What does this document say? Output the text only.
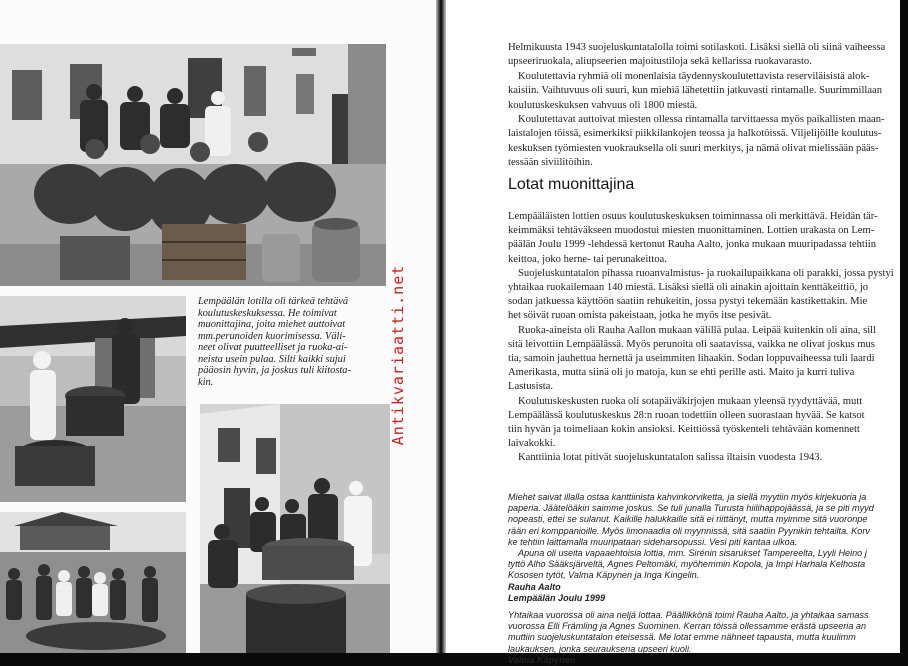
Lempäälän lotilla oli tärkeä tehtävä

koulutuskeskuksessa. He toimivat

muonittajina, joita miehet auttoivat

mm.perunoiden kuorimisessa. Väli-

neet olivat puutteelliset ja ruoka-ai-

neista usein pulaa. Silti kaikki sujui

pääosin hyvin, ja joskus tuli kiitosta-

kin.	Antikvariaatti.net

Helmikuusta 1943 suojeluskuntatalolla toimi sotilaskoti. Lisäksi siellä oli siinä vaiheessa

upseeriruokala, aliupseerien majoitustiloja sekä kellarissa ruokavarasto.

Koulutettavia ryhmiä oli monenlaisia täydennyskoulutettavista reserviläisistä alok-

kaisiin. Vaihtuvuus oli suuri, kun miehiä lähetettiin jatkuvasti rintamalle. Suurimmillaan

koulutuskeskuksen vahvuus oli 1800 miestä.

Koulutettavat auttoivat miesten ollessa rintamalla tarvittaessa myös paikallisten maan-

laistalojen töissä, esimerkiksi piikkilankojen teossa ja halkotöissä. Viljelijöille koulutus-

keskuksen työmiesten vuokrauksella oli suuri merkitys, ja nämä olivat mielissään pääs-

tessään siviilitöihin.

Lotat muonittajina

Lempääläisten lottien osuus koulutuskeskuksen toiminnassa oli merkittävä. Heidän tär-

keimmäksi tehtäväkseen muodostui miesten muonittaminen. Lottien urakasta on Lem-

päälän Joulu 1999 -lehdessä kertonut Rauha Aalto, jonka mukaan muuripadassa tehtiin

keittoa, joko herne- tai perunakeittoa.

Suojeluskuntatalon pihassa ruoanvalmistus- ja ruokailupaikkana oli parakki, jossa pystyi

yhtaikaa ruokailemaan 140 miestä. Lisäksi siellä oli ainakin ajoittain kenttäkeittiö, jo

sodan jatkuessa käyttöön saatiin rehukeitin, jossa pystyi tekemään kastikettakin. Mie

het söivät ruoan omista pakeistaan, jotka he myös itse pesivät.

Ruoka-aineista oli Rauha Aallon mukaan välillä pulaa. Leipää kuitenkin oli aina, sill

sitä leivottiin Lempäälässä. Myös perunoita oli saatavissa, vaikka ne olivat joskus mus

tia, samoin jauhettua hernettä ja useimmiten lihaakin. Sodan loppuvaiheessa tuli laardi

Amerikasta, mutta siinä oli jo matoja, kun se ehti perille asti. Maito ja kurri tuliva

Lastusista.

Koulutuskeskusten ruoka oli sotapäiväkirjojen mukaan yleensä tyydyttävää, mutt

Lempäälässä koulutuskeskus 28:n ruoan todettiin olleen suorastaan hyvää. Se katsot

tiin hyvän ja toimeliaan kokin ansioksi. Keittiössä työskenteli tehtävään komennett

laivakokki.

Kanttiinia lotat pitivät suojeluskuntatalon salissa iltaisin vuodesta 1943.

Miehet saivat illalla ostaa kanttiinista kahvinkorviketta, ja siellä myytiin myös kirjekuoria ja

paperia. Jäätelöäkin saimme joskus. Se tuli junalla Turusta hiilihappojäässä, ja se piti myyd

nopeasti, ettei se sulanut. Kaikille halukkaille sitä ei riittänyt, mutta myimme sitä vuoronpe

rään eri komppanioille. Myös limonaadia oli myynnissä, sitä saatiin Pyynikin tehtailta. Korv

ke tehtiin laittamalla muuripataan sideharsopussi. Vesi piti kantaa ulkoa.

Apuna oli useita vapaaehtoisia lottia, mm. Sirénin sisarukset Tampereelta, Lyyli Heino j

tyttö Alho Sääksjärveltä, Agnes Peltomäki, myöhemmin Kopola, ja Impi Harhala Kelhosta

Kososen tytöt, Valma Käpynen ja Inga Kingelin.

Rauha Aalto

Lempäälän Joulu 1999

Yhtaikaa vuorossa oli aina neljä lottaa. Päällikkönä toimi Rauha Aalto, ja yhtaikaa samass

vuorossa Elli Främling ja Agnes Suominen. Kerran töissä ollessamme erästä upseeria an

muttiin suojeluskuntatalon eteisessä. Me lotat emme nähneet tapausta, mutta kuulimm

laukauksen, jonka seurauksena upseeri kuoli.

Valma Käpynen
